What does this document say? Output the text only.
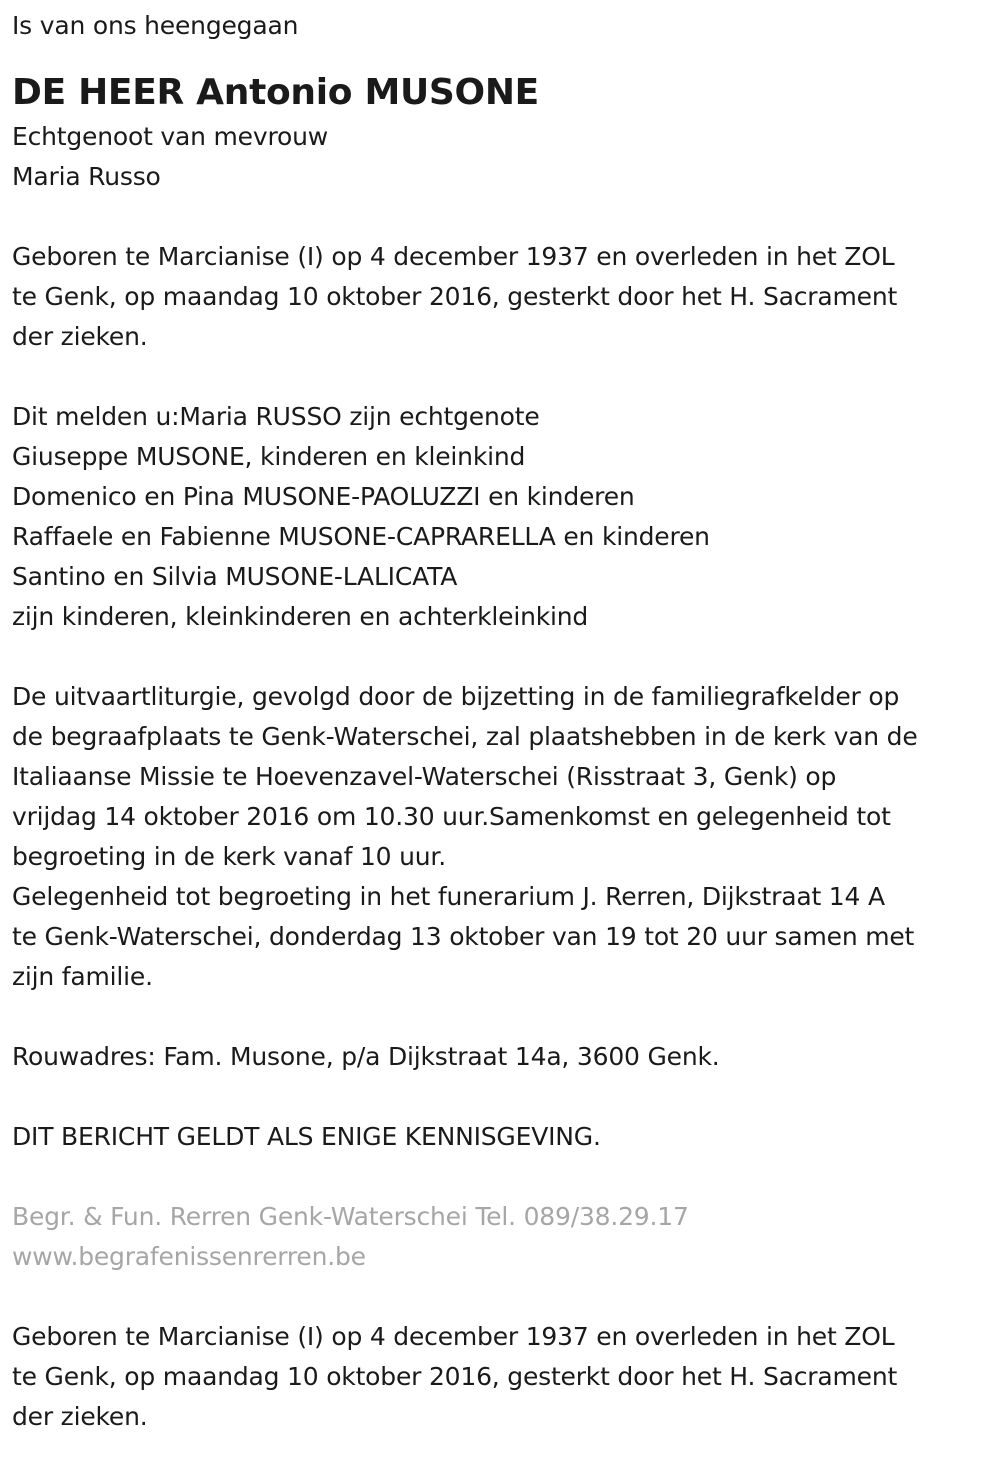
Is van ons heengegaan
DE HEER Antonio MUSONE
Echtgenoot van mevrouw
Maria Russo
Geboren te Marcianise (I) op 4 december 1937 en overleden in het ZOL
te Genk, op maandag 10 oktober 2016, gesterkt door het H. Sacrament
der zieken.
Dit melden u:Maria RUSSO zijn echtgenote
Giuseppe MUSONE, kinderen en kleinkind
Domenico en Pina MUSONE-PAOLUZZI en kinderen
Raffaele en Fabienne MUSONE-CAPRARELLA en kinderen
Santino en Silvia MUSONE-LALICATA
zijn kinderen, kleinkinderen en achterkleinkind
De uitvaartliturgie, gevolgd door de bijzetting in de familiegrafkelder op
de begraafplaats te Genk-Waterschei, zal plaatshebben in de kerk van de
Italiaanse Missie te Hoevenzavel-Waterschei (Risstraat 3, Genk) op
vrijdag 14 oktober 2016 om 10.30 uur.Samenkomst en gelegenheid tot
begroeting in de kerk vanaf 10 uur.
Gelegenheid tot begroeting in het funerarium J. Rerren, Dijkstraat 14 A
te Genk-Waterschei, donderdag 13 oktober van 19 tot 20 uur samen met
zijn familie.
Rouwadres: Fam. Musone, p/a Dijkstraat 14a, 3600 Genk.
DIT BERICHT GELDT ALS ENIGE KENNISGEVING.
Begr. & Fun. Rerren Genk-Waterschei Tel. 089/38.29.17
www.begrafenissenrerren.be
Geboren te Marcianise (I) op 4 december 1937 en overleden in het ZOL
te Genk, op maandag 10 oktober 2016, gesterkt door het H. Sacrament
der zieken.
